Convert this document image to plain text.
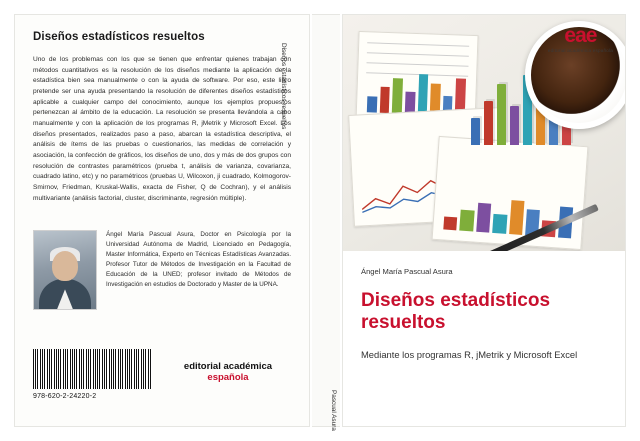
Diseños estadísticos resueltos
Uno de los problemas con los que se tienen que enfrentar quienes trabajan con métodos cuantitativos es la resolución de los diseños mediante la aplicación de la estadística bien sea manualmente o con la ayuda de software. Por eso, este libro pretende ser una ayuda presentando la resolución de diferentes diseños estadísticos aplicable a cualquier campo del conocimiento, aunque los ejemplos propuestos pertenezcan al ámbito de la educación. La resolución se presenta llevándola a cabo manualmente y con la aplicación de los programas R, jMetrik y Microsoft Excel. Los diseños presentados, realizados paso a paso, abarcan la estadística descriptiva, el análisis de ítems de las pruebas o cuestionarios, las medidas de correlación y asociación, la confección de gráficos, los diseños de uno, dos y más de dos grupos con resolución de contrastes paramétricos (prueba t, análisis de varianza, covarianza, cuadrado latino, etc) y no paramétricos (pruebas U, Wilcoxon, ji cuadrado, Kolmogorov-Smirnov, Friedman, Kruskal-Wallis, exacta de Fisher, Q de Cochran), y el análisis multivariante (análisis factorial, cluster, discriminante, regresión múltiple).
Ángel María Pascual Asura, Doctor en Psicología por la Universidad Autónoma de Madrid, Licenciado en Pedagogía, Master Informática, Experto en Técnicas Estadísticas Avanzadas. Profesor Tutor de Métodos de Investigación en la Facultad de Educación de la UNED; profesor invitado de Métodos de Investigación en estudios de Doctorado y Master de la UPNA.
978-620-2-24220-2
editorial académica española
Diseños estadísticos resueltos
Pascual Asura
eae
editorial académica española
Ángel María Pascual Asura
Diseños estadísticos resueltos
Mediante los programas R, jMetrik y Microsoft Excel
